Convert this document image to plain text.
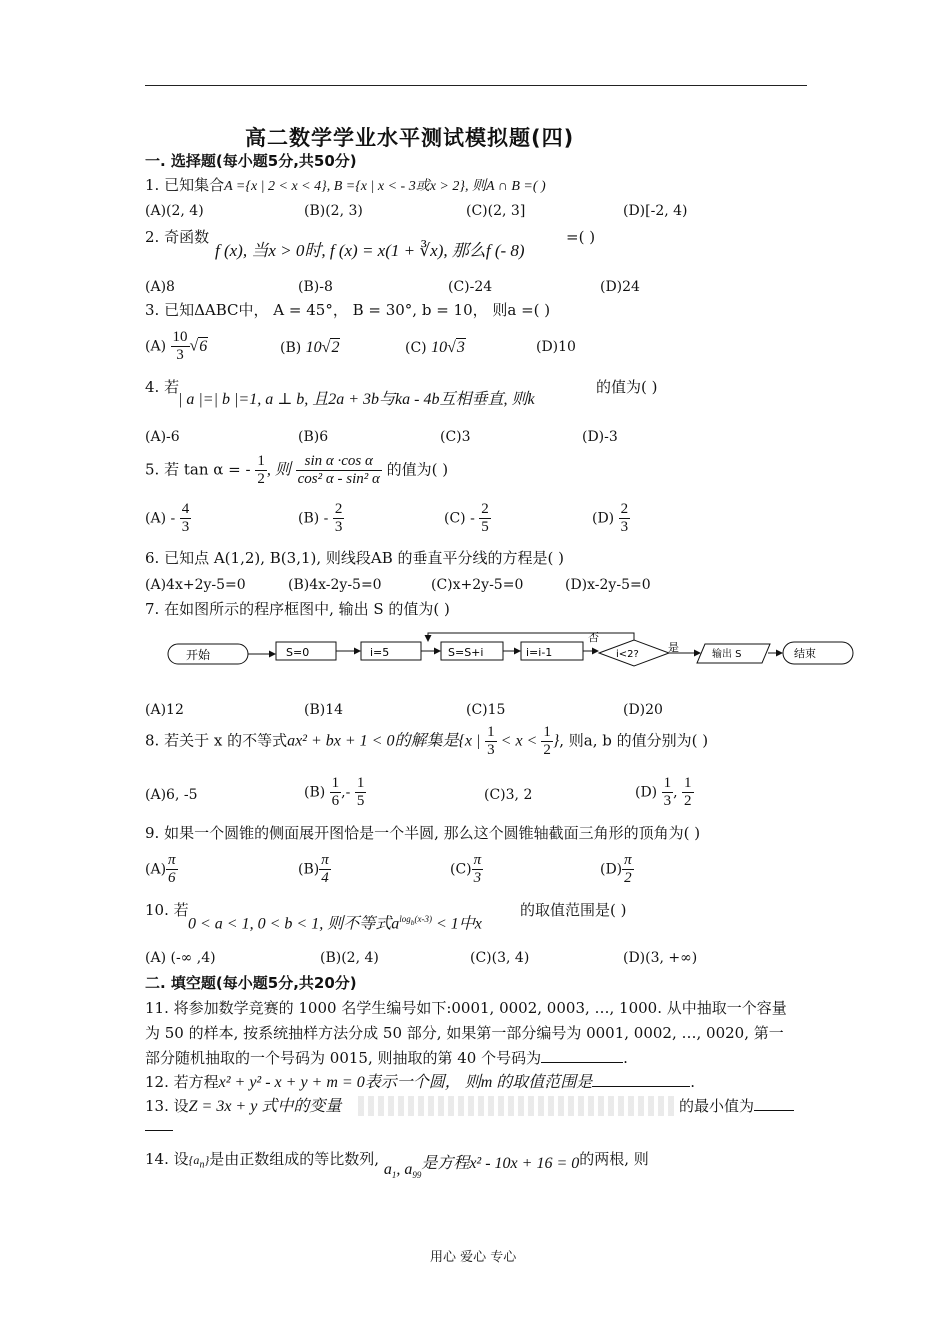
高二数学学业水平测试模拟题(四)
一. 选择题(每小题5分,共50分)
1. 已知集合A ={x | 2 < x < 4}, B ={x | x < - 3或x > 2}, 则A ∩ B =( )
(A)(2, 4)	(B)(2, 3)	(C)(2, 3]	(D)[-2, 4)
2. 奇函数
f (x), 当x > 0时, f (x) = x(1 + ∛x), 那么f (- 8)
=( )
(A)8	(B)-8	(C)-24	(D)24
3. 已知ΔABC中， A = 45°， B = 30°, b = 10， 则a =( )
$(A) \frac{10}{3} √6$	(B) 10√2	(C) 10√3	(D)10
4. 若
| a |=| b |=1, a ⊥ b, 且2a + 3b与ka - 4b互相垂直, 则k
的值为( )
(A)-6	(B)6	(C)3	(D)-3
5. 若 tan α = - $\frac{1}{2}$ , 则 $\frac{\text{sin α ·cos α}}{\text{cos² α - sin² α}}$ 的值为( )
$(A) - \frac{4}{3}$	$(B) - \frac{2}{3}$	$(C) - \frac{2}{5}$	$(D) \frac{2}{3}$
6. 已知点 A(1,2), B(3,1), 则线段AB 的垂直平分线的方程是( )
(A)4x+2y-5=0	(B)4x-2y-5=0	(C)x+2y-5=0	(D)x-2y-5=0
7. 在如图所示的程序框图中, 输出 S 的值为( )
开始	S=0	i=5	S=S+i	i=i-1	i<2?
否
是
输出 S	结束
(A)12	(B)14	(C)15	(D)20
8. 若关于 x 的不等式ax² + bx + 1 < 0的解集是{x | $\frac{1}{3} < x < \frac{1}{2}$ }, 则a, b 的值分别为( )
(A)6, -5	$(B) \frac{1}{6}$ ,- $\frac{1}{5}$	(C)3, 2	$(D) \frac{1}{3}$ , $\frac{1}{2}$
9. 如果一个圆锥的侧面展开图恰是一个半圆, 那么这个圆锥轴截面三角形的顶角为( )
$(A) \frac{\pi}{6}$	$(B) \frac{\pi}{4}$	$(C) \frac{\pi}{3}$	$(D) \frac{\pi}{2}$
10. 若
0 < a < 1, 0 < b < 1, 则不等式$a^{log_b(x-3)} < 1$中x
的取值范围是( )
(A) (-∞ ,4)	(B)(2, 4)	(C)(3, 4)	(D)(3, +∞)
二. 填空题(每小题5分,共20分)
11. 将参加数学竞赛的 1000 名学生编号如下:0001, 0002, 0003, …, 1000. 从中抽取一个容量
为 50 的样本, 按系统抽样方法分成 50 部分, 如果第一部分编号为 0001, 0002, …, 0020, 第一
部分随机抽取的一个号码为 0015, 则抽取的第 40 个号码为	.
12. 若方程x² + y² - x + y + m = 0表示一个圆， 则m 的取值范围是	.
13. 设Z = 3x + y 式中的变量	的最小值为
14. 设$\{a_n\}$是由正数组成的等比数列, $a_1$, $a_{99}$是方程x² - 10x + 16 = 0的两根, 则
用心 爱心 专心
